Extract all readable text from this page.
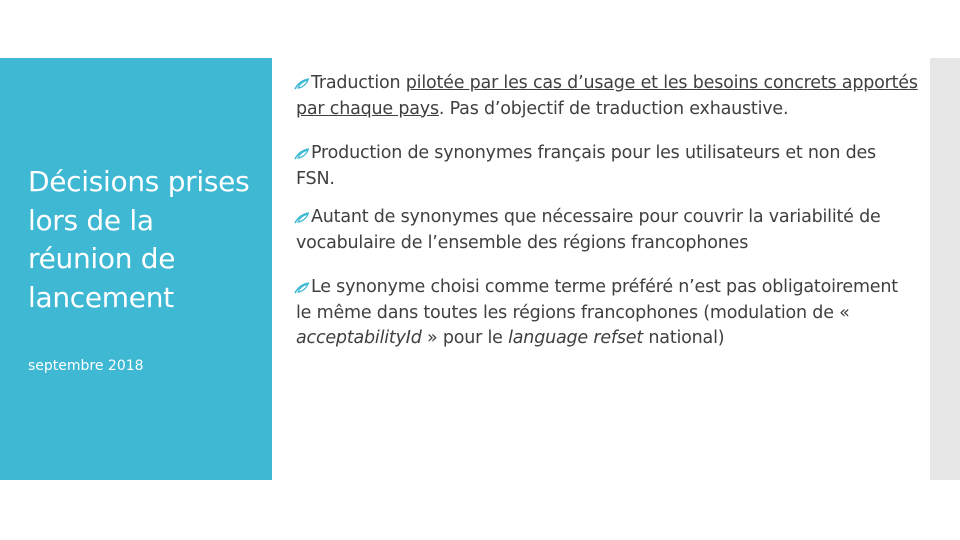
Décisions prises lors de la réunion de lancement

septembre 2018

Traduction pilotée par les cas d’usage et les besoins concrets apportés par chaque pays. Pas d’objectif de traduction exhaustive.
Production de synonymes français pour les utilisateurs et non des FSN.
Autant de synonymes que nécessaire pour couvrir la variabilité de vocabulaire de l’ensemble des régions francophones
Le synonyme choisi comme terme préféré n’est pas obligatoirement le même dans toutes les régions francophones (modulation de « acceptabilityId » pour le language refset national)
